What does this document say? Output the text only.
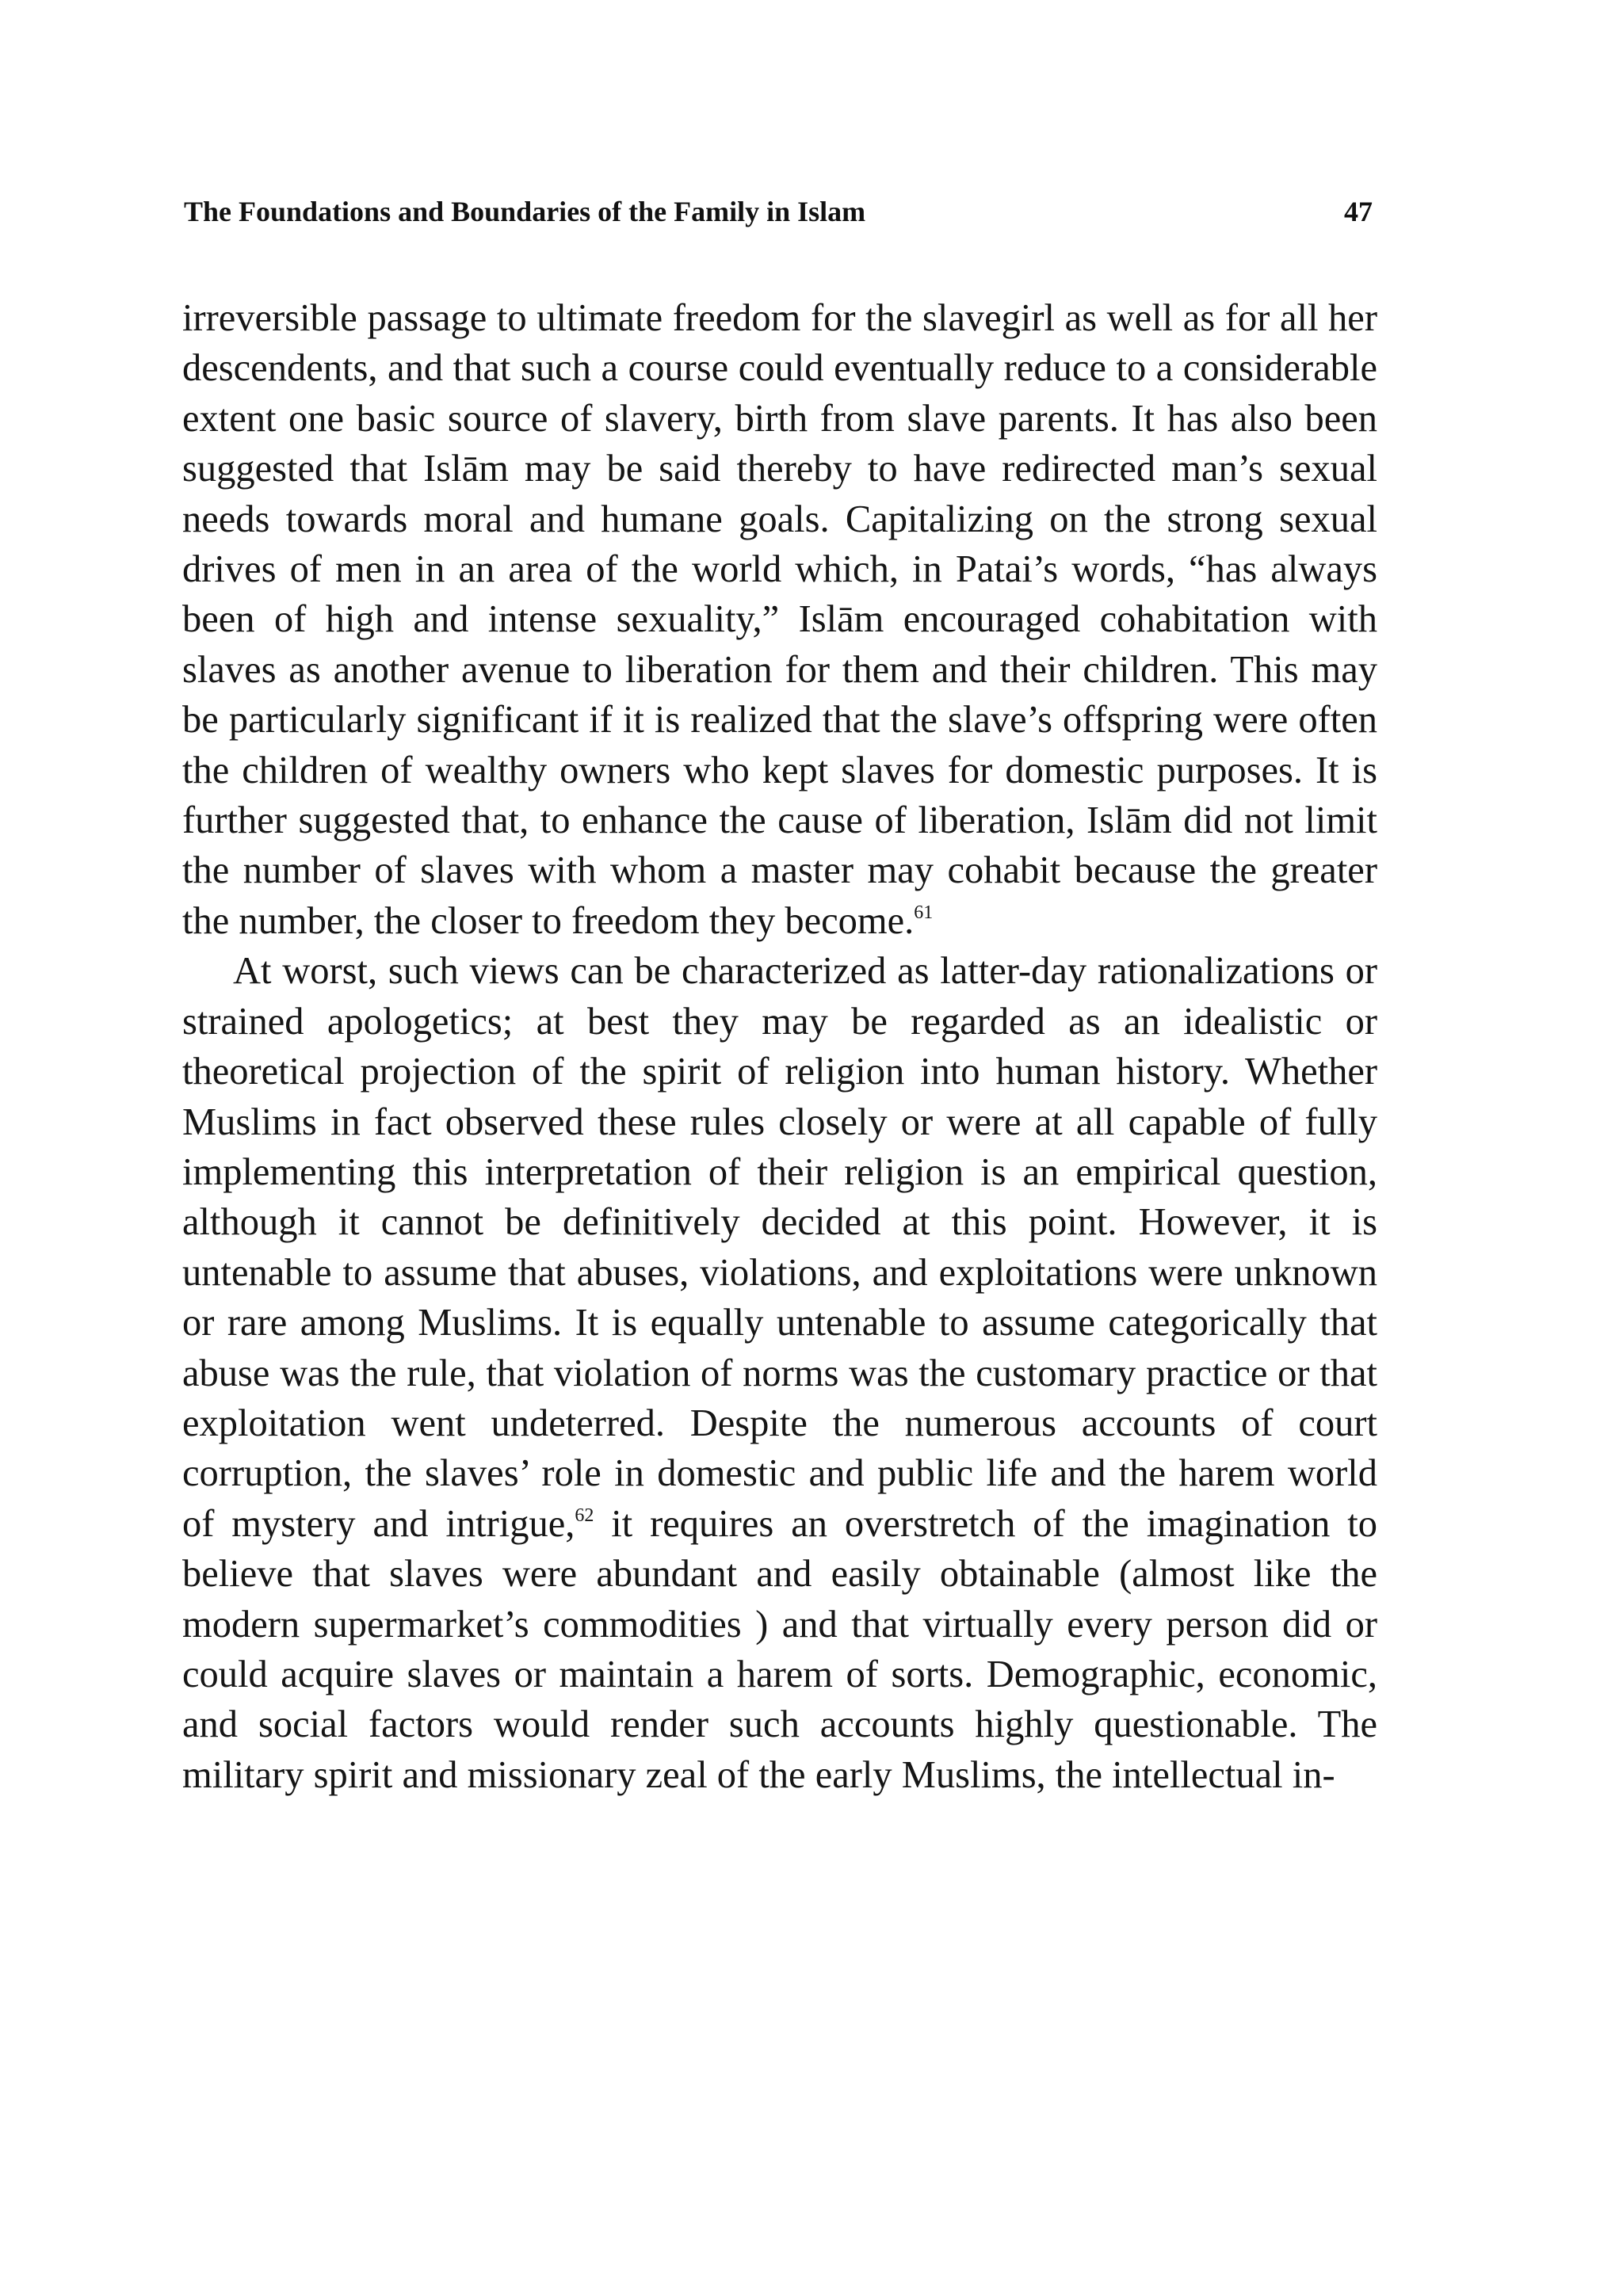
The Foundations and Boundaries of the Family in Islam	47

irreversible passage to ultimate freedom for the slavegirl as well as for all her descendents, and that such a course could eventually reduce to a considerable extent one basic source of slavery, birth from slave parents. It has also been suggested that Islām may be said thereby to have redirected man’s sexual needs towards moral and humane goals. Capitalizing on the strong sexual drives of men in an area of the world which, in Patai’s words, “has always been of high and intense sexuality,” Islām encouraged cohabitation with slaves as another avenue to liberation for them and their children. This may be particularly significant if it is realized that the slave’s offspring were often the children of wealthy owners who kept slaves for domestic purposes. It is further suggested that, to enhance the cause of liberation, Islām did not limit the number of slaves with whom a master may cohabit because the greater the number, the closer to freedom they become.$^{61}$

At worst, such views can be characterized as latter-day rationalizations or strained apologetics; at best they may be regarded as an idealistic or theoretical projection of the spirit of religion into human history. Whether Muslims in fact observed these rules closely or were at all capable of fully implementing this interpretation of their religion is an empirical question, although it cannot be definitively decided at this point. However, it is untenable to assume that abuses, violations, and exploitations were unknown or rare among Muslims. It is equally untenable to assume categorically that abuse was the rule, that violation of norms was the customary practice or that exploitation went undeterred. Despite the numerous accounts of court corruption, the slaves’ role in domestic and public life and the harem world of mystery and intrigue,$^{62}$ it requires an overstretch of the imagination to believe that slaves were abundant and easily obtainable (almost like the modern supermarket’s commodities ) and that virtually every person did or could acquire slaves or maintain a harem of sorts. Demographic, economic, and social factors would render such accounts highly questionable. The military spirit and missionary zeal of the early Muslims, the intellectual in-
